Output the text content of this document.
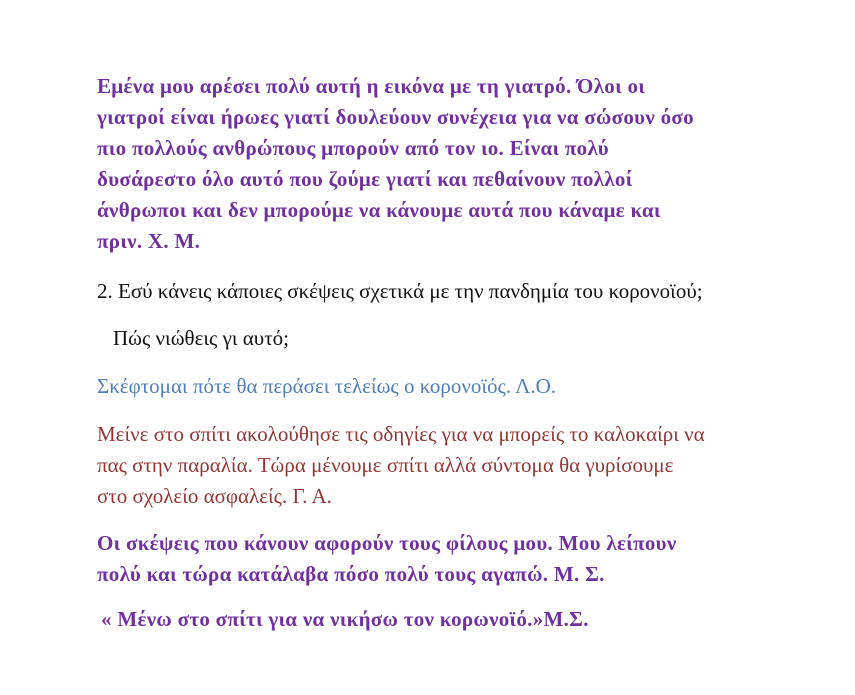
Εμένα μου αρέσει πολύ αυτή η εικόνα με τη γιατρό. Όλοι οι
γιατροί είναι ήρωες γιατί δουλεύουν συνέχεια για να σώσουν όσο
πιο πολλούς ανθρώπους μπορούν από τον ιο. Είναι πολύ
δυσάρεστο όλο αυτό που ζούμε γιατί και πεθαίνουν πολλοί
άνθρωποι και δεν μπορούμε να κάνουμε αυτά που κάναμε και
πριν. Χ. Μ.

2. Εσύ κάνεις κάποιες σκέψεις σχετικά με την πανδημία του κορονοϊού;

Πώς νιώθεις γι αυτό;

Σκέφτομαι πότε θα περάσει τελείως ο κορονοϊός. Λ.Ο.

Μείνε στο σπίτι ακολούθησε τις οδηγίες για να μπορείς το καλοκαίρι να
πας στην παραλία. Τώρα μένουμε σπίτι αλλά σύντομα θα γυρίσουμε
στο σχολείο ασφαλείς. Γ. Α.

Οι σκέψεις που κάνουν αφορούν τους φίλους μου. Μου λείπουν
πολύ και τώρα κατάλαβα πόσο πολύ τους αγαπώ. Μ. Σ.

« Μένω στο σπίτι για να νικήσω τον κορωνοϊό.»Μ.Σ.
